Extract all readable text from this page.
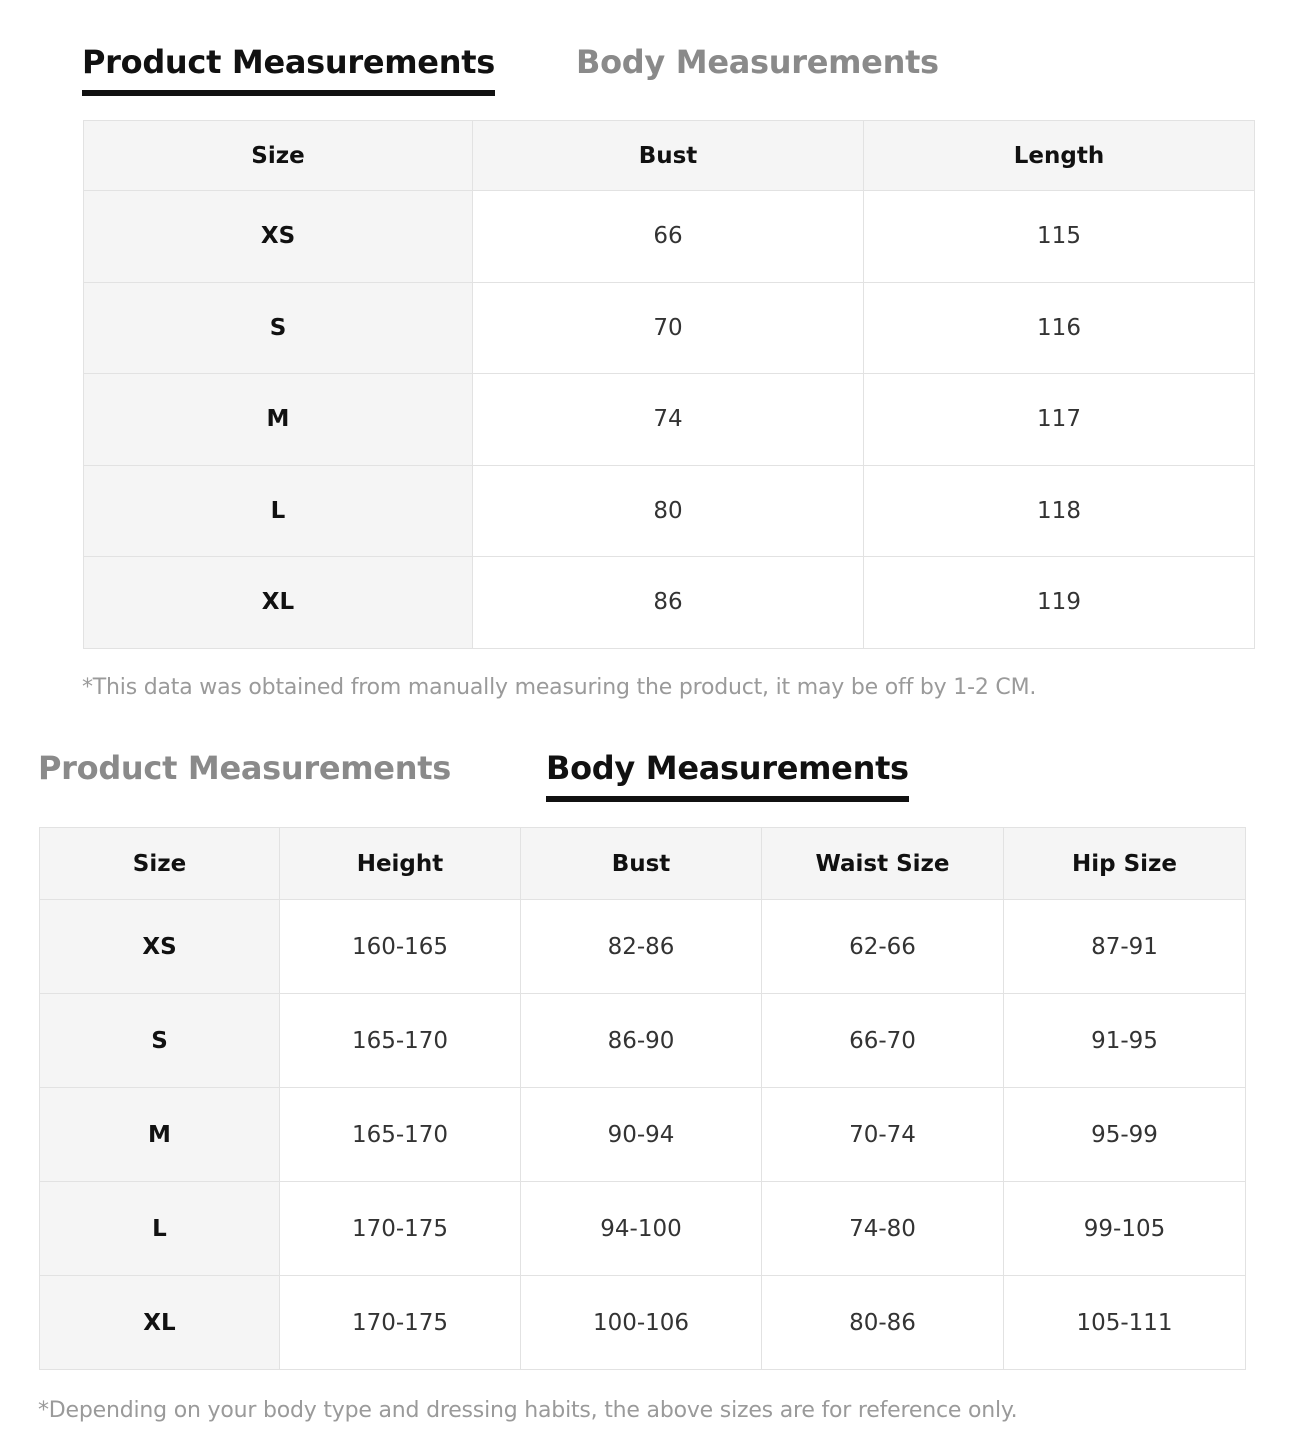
Product Measurements	Body Measurements
Size	Bust	Length
XS	66	115
S	70	116
M	74	117
L	80	118
XL	86	119
*This data was obtained from manually measuring the product, it may be off by 1-2 CM.
Product Measurements	Body Measurements
Size	Height	Bust	Waist Size	Hip Size
XS	160-165	82-86	62-66	87-91
S	165-170	86-90	66-70	91-95
M	165-170	90-94	70-74	95-99
L	170-175	94-100	74-80	99-105
XL	170-175	100-106	80-86	105-111
*Depending on your body type and dressing habits, the above sizes are for reference only.
